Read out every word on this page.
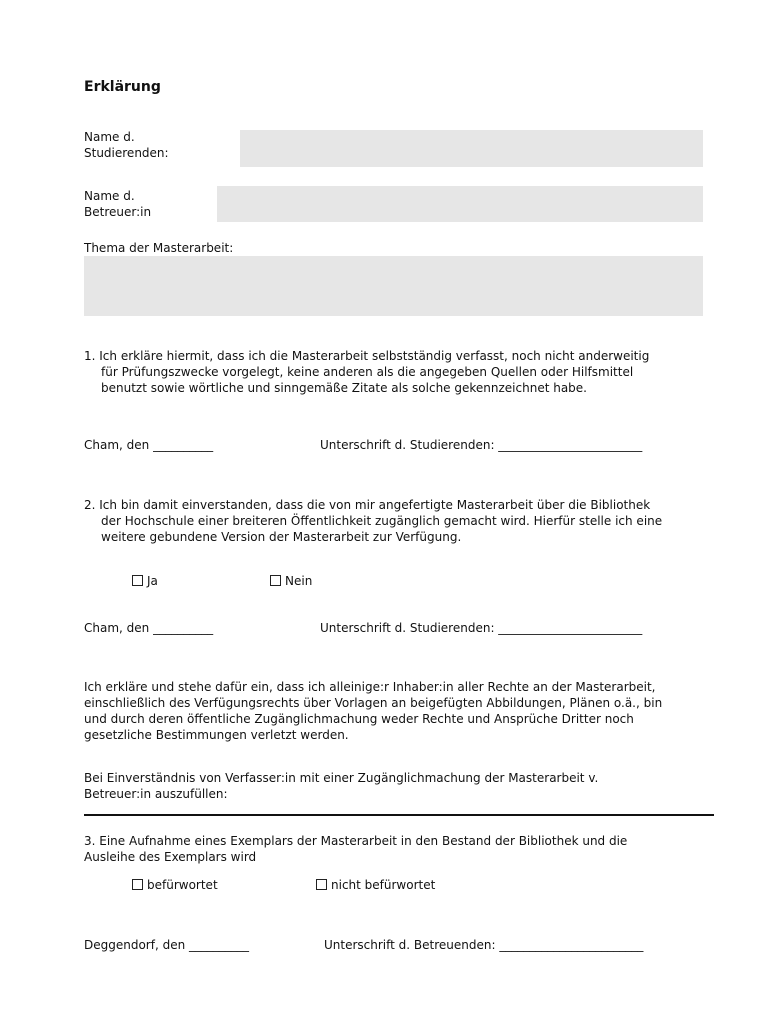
Erklärung
Name d.
Studierenden:
Name d.
Betreuer:in
Thema der Masterarbeit:
1. Ich erkläre hiermit, dass ich die Masterarbeit selbstständig verfasst, noch nicht anderweitig
für Prüfungszwecke vorgelegt, keine anderen als die angegeben Quellen oder Hilfsmittel
benutzt sowie wörtliche und sinngemäße Zitate als solche gekennzeichnet habe.
Cham, den __________	Unterschrift d. Studierenden: ________________________
2. Ich bin damit einverstanden, dass die von mir angefertigte Masterarbeit über die Bibliothek
der Hochschule einer breiteren Öffentlichkeit zugänglich gemacht wird. Hierfür stelle ich eine
weitere gebundene Version der Masterarbeit zur Verfügung.
Ja	Nein
Cham, den __________	Unterschrift d. Studierenden: ________________________
Ich erkläre und stehe dafür ein, dass ich alleinige:r Inhaber:in aller Rechte an der Masterarbeit,
einschließlich des Verfügungsrechts über Vorlagen an beigefügten Abbildungen, Plänen o.ä., bin
und durch deren öffentliche Zugänglichmachung weder Rechte und Ansprüche Dritter noch
gesetzliche Bestimmungen verletzt werden.
Bei Einverständnis von Verfasser:in mit einer Zugänglichmachung der Masterarbeit v.
Betreuer:in auszufüllen:
3. Eine Aufnahme eines Exemplars der Masterarbeit in den Bestand der Bibliothek und die
Ausleihe des Exemplars wird
befürwortet	nicht befürwortet
Deggendorf, den __________	Unterschrift d. Betreuenden: ________________________
